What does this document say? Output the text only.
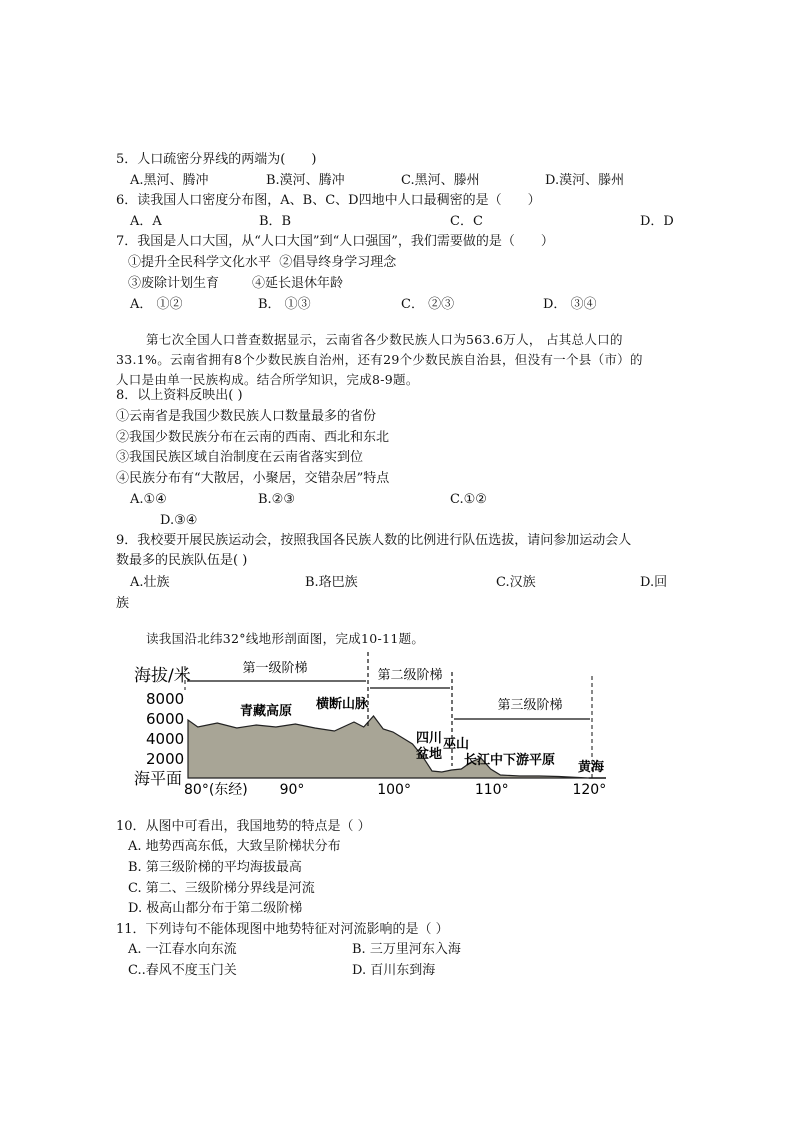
5．人口疏密分界线的两端为(　　)
A.黑河、腾冲	B.漠河、腾冲	C.黑河、滕州	D.漠河、滕州
6．读我国人口密度分布图，A、B、C、D四地中人口最稠密的是（　　）
A．A	B．B	C．C	D．D
7．我国是人口大国，从“人口大国”到“人口强国”，我们需要做的是（　　）
①提升全民科学文化水平  ②倡导终身学习理念
③废除计划生育        ④延长退休年龄
A． ①②	B． ①③	C． ②③	D． ③④
第七次全国人口普查数据显示，云南省各少数民族人口为563.6万人， 占其总人口的
33.1%。云南省拥有8个少数民族自治州，还有29个少数民族自治县，但没有一个县（市）的
人口是由单一民族构成。结合所学知识，完成8-9题。
8．以上资料反映出( )
①云南省是我国少数民族人口数量最多的省份
②我国少数民族分布在云南的西南、西北和东北
③我国民族区域自治制度在云南省落实到位
④民族分布有“大散居，小聚居，交错杂居”特点
A.①④	B.②③	C.①②
D.③④
9．我校要开展民族运动会，按照我国各民族人数的比例进行队伍选拔，请问参加运动会人
数最多的民族队伍是( )
A.壮族	B.珞巴族	C.汉族	D.回
族
读我国沿北纬32°线地形剖面图，完成10-11题。
海拔/米
8000
6000
4000
2000
海平面
80°(东经) 90°	100°	110°	120°
第一级阶梯	第二级阶梯
第三级阶梯
青藏高原 横断山脉
四川
盆地
巫山
长江中下游平原 黄海
10．从图中可看出，我国地势的特点是（ ）
A. 地势西高东低，大致呈阶梯状分布
B. 第三级阶梯的平均海拔最高
C. 第二、三级阶梯分界线是河流
D. 极高山都分布于第二级阶梯
11．下列诗句不能体现图中地势特征对河流影响的是（ ）
A. 一江春水向东流	B. 三万里河东入海
C..春风不度玉门关	D. 百川东到海
